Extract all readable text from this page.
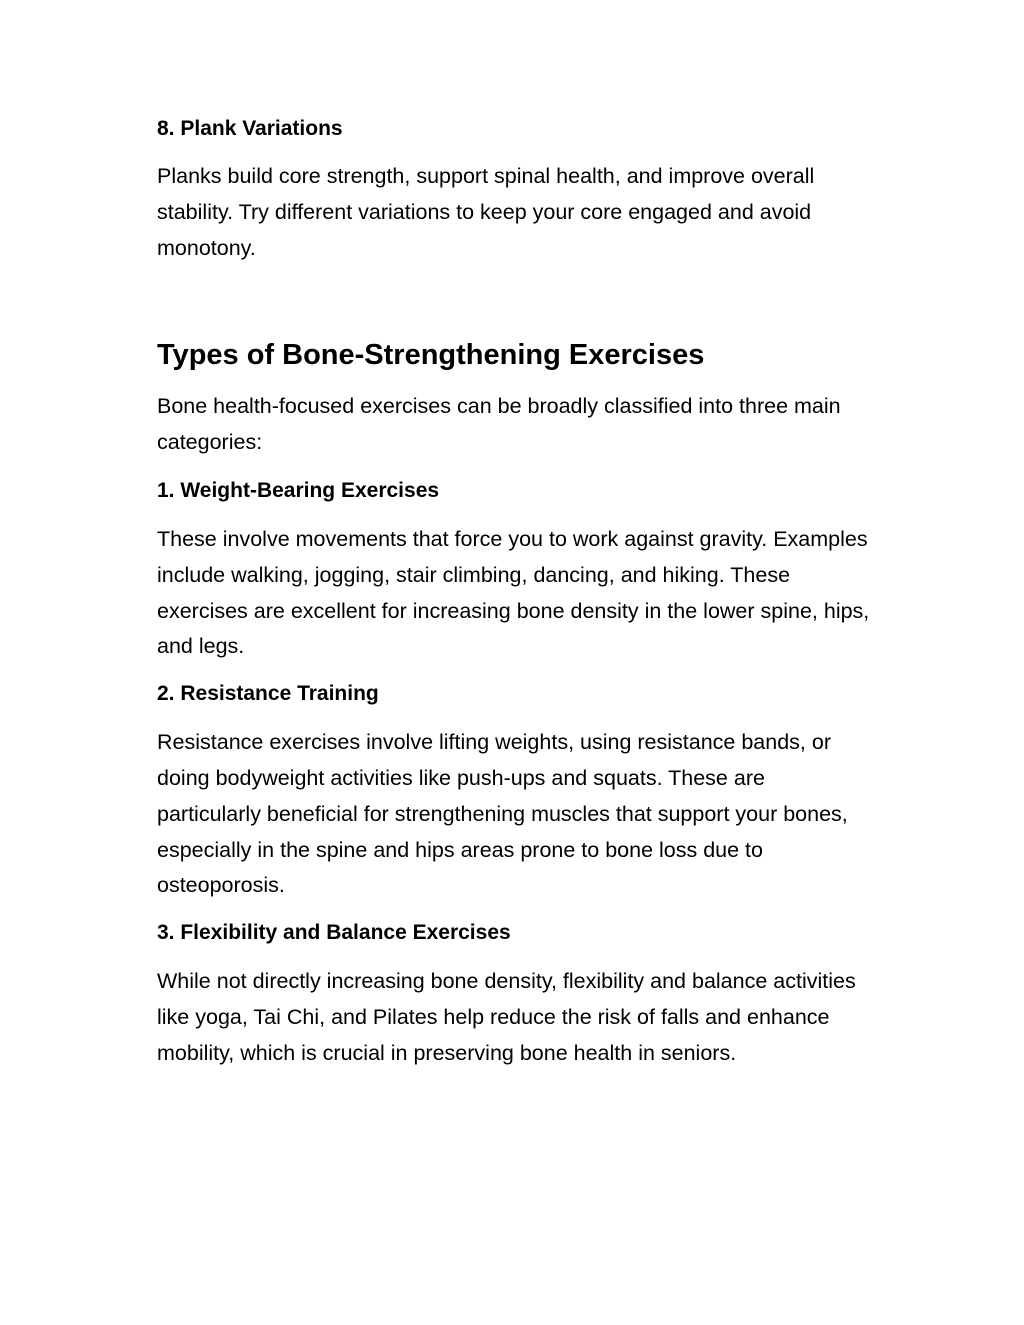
8. Plank Variations

Planks build core strength, support spinal health, and improve overall stability. Try different variations to keep your core engaged and avoid monotony.

Types of Bone-Strengthening Exercises

Bone health-focused exercises can be broadly classified into three main categories:

1. Weight-Bearing Exercises

These involve movements that force you to work against gravity. Examples include walking, jogging, stair climbing, dancing, and hiking. These exercises are excellent for increasing bone density in the lower spine, hips, and legs.

2. Resistance Training

Resistance exercises involve lifting weights, using resistance bands, or doing bodyweight activities like push-ups and squats. These are particularly beneficial for strengthening muscles that support your bones, especially in the spine and hips areas prone to bone loss due to osteoporosis.

3. Flexibility and Balance Exercises

While not directly increasing bone density, flexibility and balance activities like yoga, Tai Chi, and Pilates help reduce the risk of falls and enhance mobility, which is crucial in preserving bone health in seniors.
